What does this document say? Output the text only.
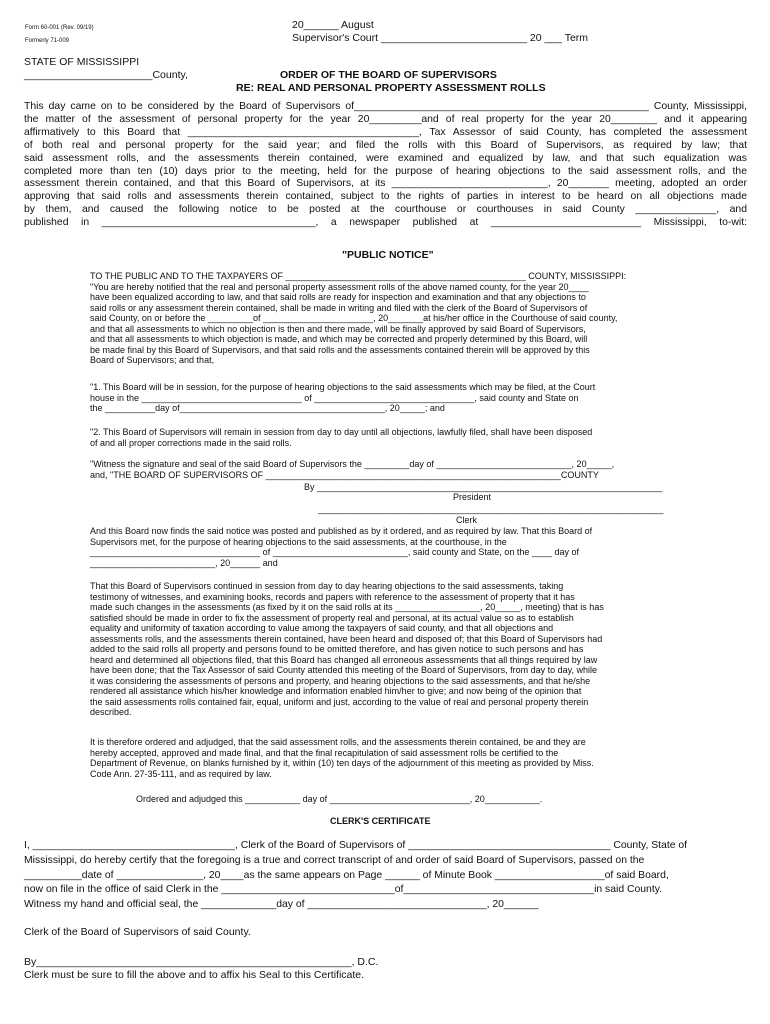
Form 60-001 (Rev. 09/19)
Formerly 71-009
20______ August
Supervisor's Court _________________________ 20 ___ Term
STATE OF MISSISSIPPI
______________________County,	ORDER OF THE BOARD OF SUPERVISORS
RE: REAL AND PERSONAL PROPERTY ASSESSMENT ROLLS
This day came on to be considered by the Board of Supervisors of___________________________________________________ County, Mississippi,
the matter of the assessment of personal property for the year 20_________and of real property for the year 20________ and it appearing
affirmatively to this Board that ________________________________________, Tax Assessor of said County, has completed the assessment
of both real and personal property for the said year; and filed the rolls with this Board of Supervisors, as required by law; that
said assessment rolls, and the assessments therein contained, were examined and equalized by law, and that such equalization was
completed more than ten (10) days prior to the meeting, held for the purpose of hearing objections to the said assessment rolls, and the
assessment therein contained, and that this Board of Supervisors, at its ___________________________, 20_______ meeting, adopted an order
approving that said rolls and assessments therein contained, subject to the rights of parties in interest to be heard on all objections made
by them, and caused the following notice to be posted at the courthouse or courthouses in said County ______________, and
published in _____________________________________, a newspaper published at __________________________ Mississippi, to-wit:
"PUBLIC NOTICE"
TO THE PUBLIC AND TO THE TAXPAYERS OF ________________________________________________ COUNTY, MISSISSIPPI:
"You are hereby notified that the real and personal property assessment rolls of the above named county, for the year 20____
have been equalized according to law, and that said rolls are ready for inspection and examination and that any objections to
said rolls or any assessment therein contained, shall be made in writing and filed with the clerk of the Board of Supervisors of
said County, on or before the _________of ______________________, 20_______at his/her office in the Courthouse of said county,
and that all assessments to which no objection is then and there made, will be finally approved by said Board of Supervisors,
and that all assessments to which objection is made, and which may be corrected and properly determined by this Board, will
be made final by this Board of Supervisors, and that said rolls and the assessments contained therein will be approved by this
Board of Supervisors; and that,
"1. This Board will be in session, for the purpose of hearing objections to the said assessments which may be filed, at the Court
house in the ________________________________ of ________________________________, said county and State on
the __________day of_________________________________________, 20_____; and
"2. This Board of Supervisors will remain in session from day to day until all objections, lawfully filed, shall have been disposed
of and all proper corrections made in the said rolls.
"Witness the signature and seal of the said Board of Supervisors the _________day of ___________________________, 20_____,
and, "THE BOARD OF SUPERVISORS OF ___________________________________________________________COUNTY
By _____________________________________________________________________
President
_____________________________________________________________________
Clerk
And this Board now finds the said notice was posted and published as by it ordered, and as required by law. That this Board of
Supervisors met, for the purpose of hearing objections to the said assessments, at the courthouse, in the
__________________________________ of ___________________________, said county and State, on the ____ day of
_________________________, 20______ and
That this Board of Supervisors continued in session from day to day hearing objections to the said assessments, taking
testimony of witnesses, and examining books, records and papers with reference to the assessment of property that it has
made such changes in the assessments (as fixed by it on the said rolls at its _________________, 20_____, meeting) that is has
satisfied should be made in order to fix the assessment of property real and personal, at its actual value so as to establish
equality and uniformity of taxation according to value among the taxpayers of said county, and that all objections and
assessments rolls, and the assessments therein contained, have been heard and disposed of; that this Board of Supervisors had
added to the said rolls all property and persons found to be omitted therefore, and has given notice to such persons and has
heard and determined all objections filed, that this Board has changed all erroneous assessments that all things required by law
have been done; that the Tax Assessor of said County attended this meeting of the Board of Supervisors, from day to day, while
it was considering the assessments of persons and property, and hearing objections to the said assessments, and that he/she
rendered all assistance which his/her knowledge and information enabled him/her to give; and now being of the opinion that
the said assessments rolls contained fair, equal, uniform and just, according to the value of real and personal property therein
described.
It is therefore ordered and adjudged, that the said assessment rolls, and the assessments therein contained, be and they are
hereby accepted, approved and made final, and that the final recapitulation of said assessment rolls be certified to the
Department of Revenue, on blanks furnished by it, within (10) ten days of the adjournment of this meeting as provided by Miss.
Code Ann. 27-35-111, and as required by law.
Ordered and adjudged this ___________ day of ____________________________, 20___________.
CLERK'S CERTIFICATE
I, ___________________________________, Clerk of the Board of Supervisors of ___________________________________ County, State of
Mississippi, do hereby certify that the foregoing is a true and correct transcript of and order of said Board of Supervisors, passed on the
__________date of _______________, 20____as the same appears on Page ______ of Minute Book ___________________of said Board,
now on file in the office of said Clerk in the ______________________________of_________________________________in said County.
Witness my hand and official seal, the _____________day of _______________________________, 20______
Clerk of the Board of Supervisors of said County.
By______________________________________________________, D.C.
Clerk must be sure to fill the above and to affix his Seal to this Certificate.
